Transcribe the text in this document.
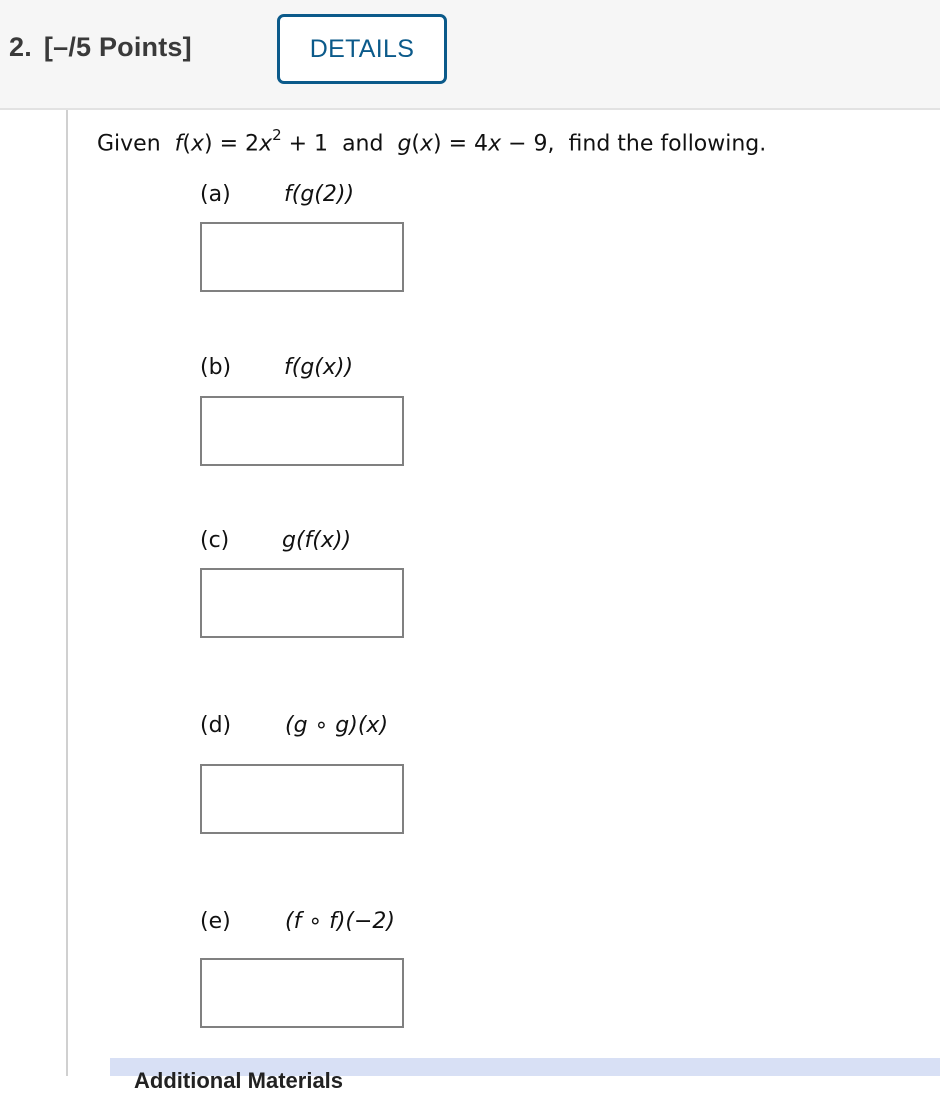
2. [–/5 Points]	DETAILS
Given $f(x) = 2x^2 + 1$ and g(x) = 4x − 9, find the following.
(a) f(g(2))
(b) f(g(x))
(c) g(f(x))
(d) (g ∘ g)(x)
(e) (f ∘ f)(−2)
Additional Materials
